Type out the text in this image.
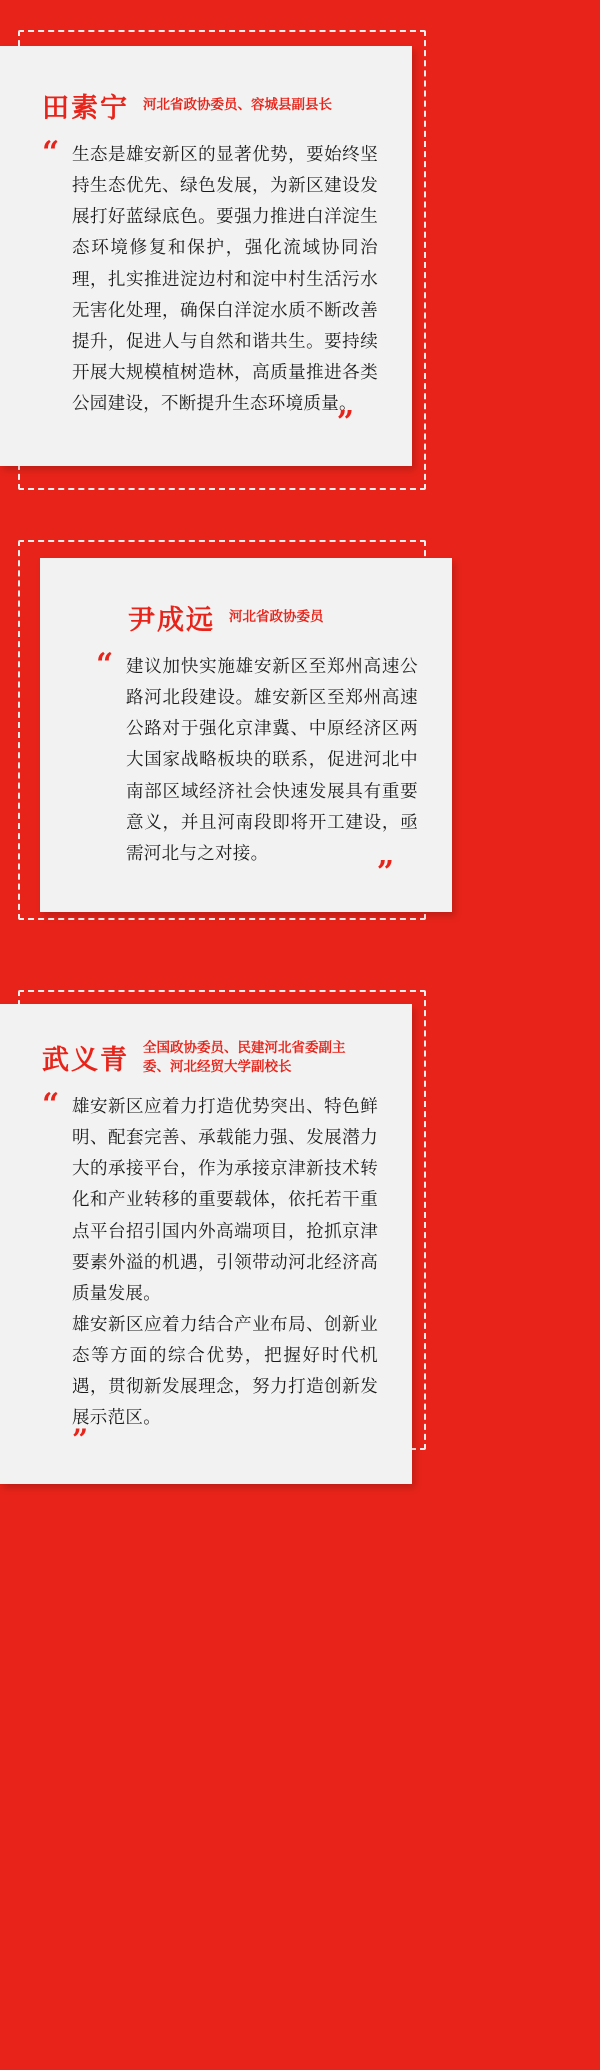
田素宁 河北省政协委员、容城县副县长
“ 生态是雄安新区的显著优势，要始终坚持生态优先、绿色发展，为新区建设发展打好蓝绿底色。要强力推进白洋淀生态环境修复和保护，强化流域协同治理，扎实推进淀边村和淀中村生活污水无害化处理，确保白洋淀水质不断改善提升，促进人与自然和谐共生。要持续开展大规模植树造林，高质量推进各类公园建设，不断提升生态环境质量。

”
尹成远 河北省政协委员
“ 建议加快实施雄安新区至郑州高速公路河北段建设。雄安新区至郑州高速公路对于强化京津冀、中原经济区两大国家战略板块的联系，促进河北中南部区域经济社会快速发展具有重要意义，并且河南段即将开工建设，亟需河北与之对接。

”
武义青 全国政协委员、民建河北省委副主委、河北经贸大学副校长
“ 雄安新区应着力打造优势突出、特色鲜明、配套完善、承载能力强、发展潜力大的承接平台，作为承接京津新技术转化和产业转移的重要载体，依托若干重点平台招引国内外高端项目，抢抓京津要素外溢的机遇，引领带动河北经济高质量发展。

雄安新区应着力结合产业布局、创新业态等方面的综合优势，把握好时代机遇，贯彻新发展理念，努力打造创新发展示范区。

”
